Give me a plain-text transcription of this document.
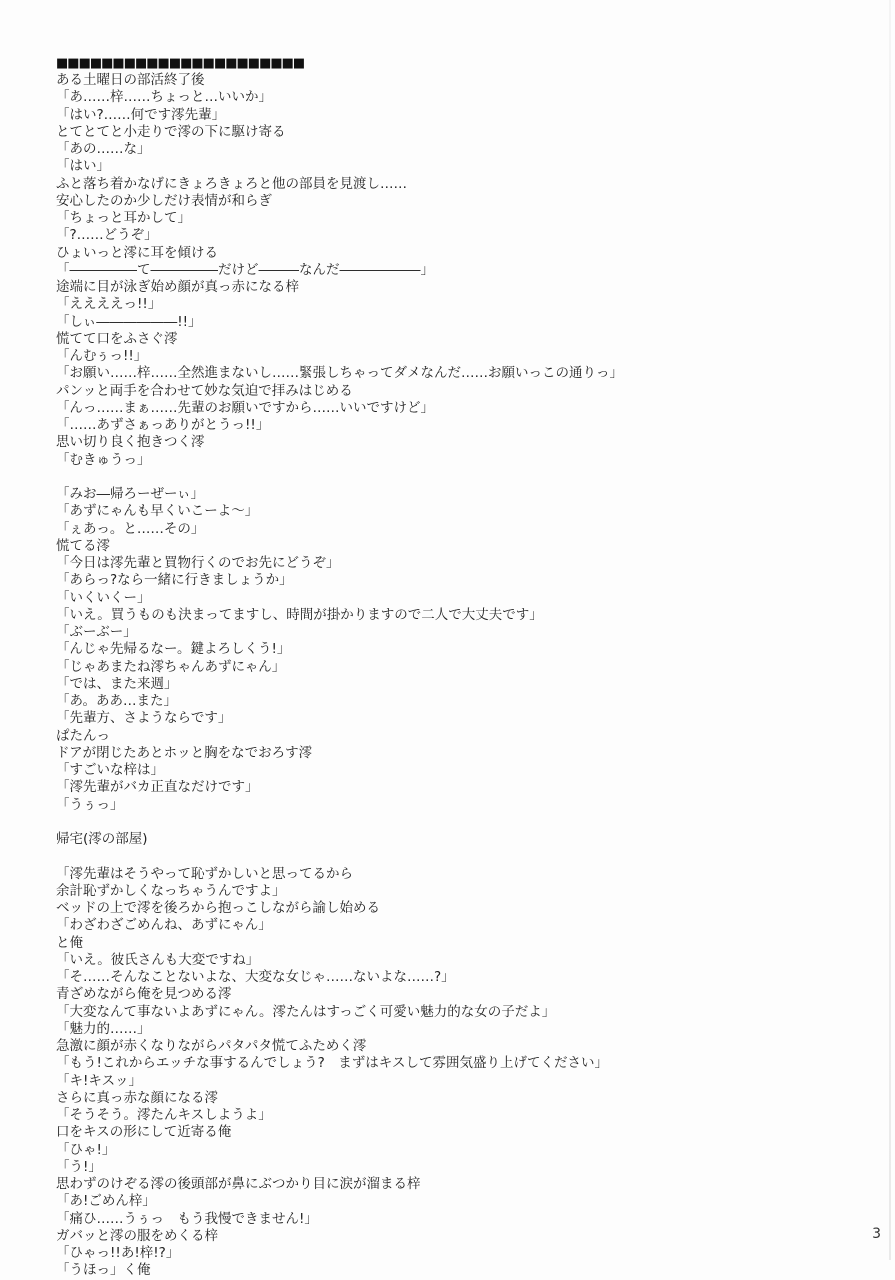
■■■■■■■■■■■■■■■■■■■■■■
ある土曜日の部活終了後
「あ……梓……ちょっと…いいか」
「はい?……何です澪先輩」
とてとてと小走りで澪の下に駆け寄る
「あの……な」
「はい」
ふと落ち着かなげにきょろきょろと他の部員を見渡し……
安心したのか少しだけ表情が和らぎ
「ちょっと耳かして」
「?……どうぞ」
ひょいっと澪に耳を傾ける
「―――――て―――――だけど―――なんだ――――――」
途端に目が泳ぎ始め顔が真っ赤になる梓
「ええええっ!!」
「しぃ――――――!!」
慌てて口をふさぐ澪
「んむぅっ!!」
「お願い……梓……全然進まないし……緊張しちゃってダメなんだ……お願いっこの通りっ」
パンッと両手を合わせて妙な気迫で拝みはじめる
「んっ……まぁ……先輩のお願いですから……いいですけど」
「……あずさぁっありがとうっ!!」
思い切り良く抱きつく澪
「むきゅうっ」
「みお―帰ろーぜーぃ」
「あずにゃんも早くいこーよ～」
「ぇあっ。と……その」
慌てる澪
「今日は澪先輩と買物行くのでお先にどうぞ」
「あらっ?なら一緒に行きましょうか」
「いくいくー」
「いえ。買うものも決まってますし、時間が掛かりますので二人で大丈夫です」
「ぶーぶー」
「んじゃ先帰るなー。鍵よろしくう!」
「じゃあまたね澪ちゃんあずにゃん」
「では、また来週」
「あ。ああ…また」
「先輩方、さようならです」
ぱたんっ
ドアが閉じたあとホッと胸をなでおろす澪
「すごいな梓は」
「澪先輩がバカ正直なだけです」
「うぅっ」
帰宅(澪の部屋)
「澪先輩はそうやって恥ずかしいと思ってるから
余計恥ずかしくなっちゃうんですよ」
ベッドの上で澪を後ろから抱っこしながら諭し始める
「わざわざごめんね、あずにゃん」
と俺
「いえ。彼氏さんも大変ですね」
「そ……そんなことないよな、大変な女じゃ……ないよな……?」
青ざめながら俺を見つめる澪
「大変なんて事ないよあずにゃん。澪たんはすっごく可愛い魅力的な女の子だよ」
「魅力的……」
急激に顔が赤くなりながらパタパタ慌てふためく澪
「もう!これからエッチな事するんでしょう?　まずはキスして雰囲気盛り上げてください」
「キ!キスッ」
さらに真っ赤な顔になる澪
「そうそう。澪たんキスしようよ」
口をキスの形にして近寄る俺
「ひゃ!」
「う!」
思わずのけぞる澪の後頭部が鼻にぶつかり目に涙が溜まる梓
「あ!ごめん梓」
「痛ひ……うぅっ　もう我慢できません!」
ガバッと澪の服をめくる梓
「ひゃっ!!あ!梓!?」
「うほっ」く俺
3
